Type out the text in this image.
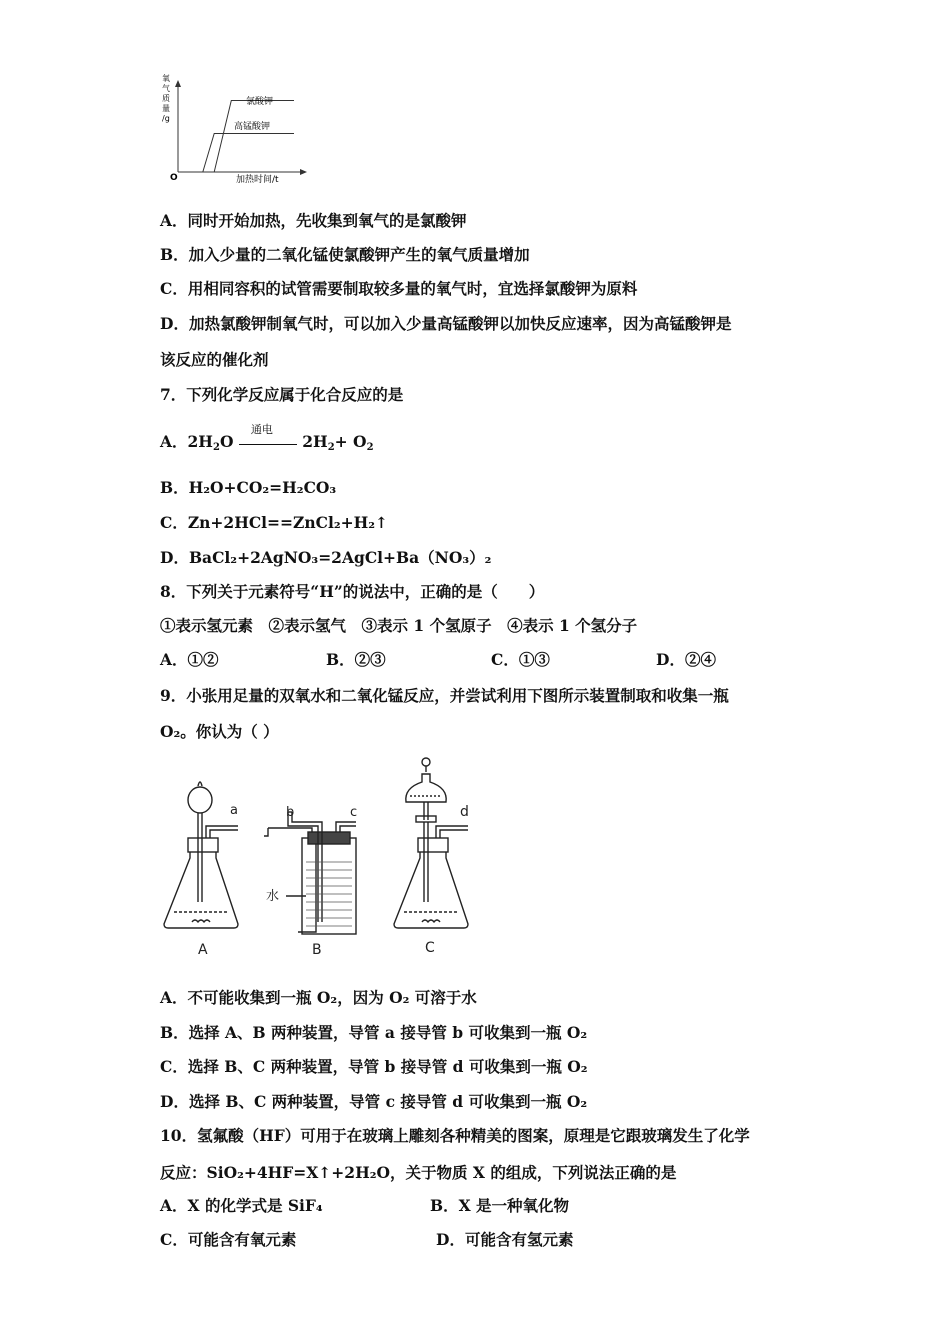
氧
气
质
量
/g
O	加热时间/t
氯酸钾
高锰酸钾
A．同时开始加热，先收集到氧气的是氯酸钾
B．加入少量的二氧化锰使氯酸钾产生的氧气质量增加
C．用相同容积的试管需要制取较多量的氧气时，宜选择氯酸钾为原料
D．加热氯酸钾制氧气时，可以加入少量高锰酸钾以加快反应速率，因为高锰酸钾是
该反应的催化剂
7．下列化学反应属于化合反应的是
A．$2H_2O$
通电
$2H_2+ O_2$
B．H₂O+CO₂=H₂CO₃
C．Zn+2HCl==ZnCl₂+H₂↑
D．BaCl₂+2AgNO₃=2AgCl+Ba（NO₃）₂
8．下列关于元素符号“H”的说法中，正确的是（　　）
①表示氢元素　②表示氢气　③表示 1 个氢原子　④表示 1 个氢分子
A．①②	B．②③	C．①③	D．②④
9．小张用足量的双氧水和二氧化锰反应，并尝试利用下图所示装置制取和收集一瓶
O₂。你认为（ ）
a
A
b	c
水
B
d
C
A．不可能收集到一瓶 O₂，因为 O₂ 可溶于水
B．选择 A、B 两种装置，导管 a 接导管 b 可收集到一瓶 O₂
C．选择 B、C 两种装置，导管 b 接导管 d 可收集到一瓶 O₂
D．选择 B、C 两种装置，导管 c 接导管 d 可收集到一瓶 O₂
10．氢氟酸（HF）可用于在玻璃上雕刻各种精美的图案，原理是它跟玻璃发生了化学
反应：SiO₂+4HF=X↑+2H₂O，关于物质 X 的组成，下列说法正确的是
A．X 的化学式是 SiF₄	B．X 是一种氧化物
C．可能含有氧元素	D．可能含有氢元素
